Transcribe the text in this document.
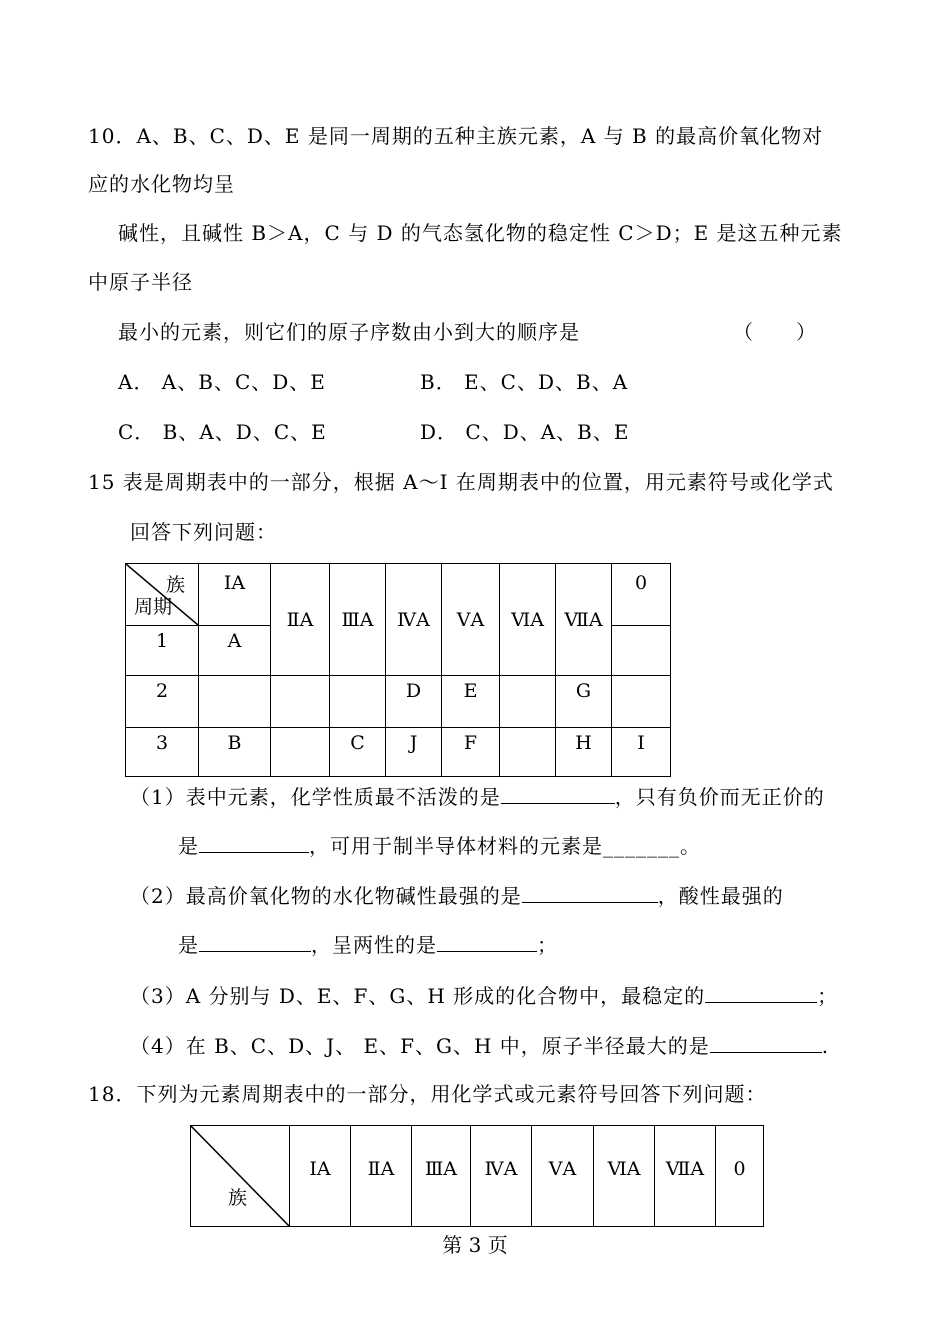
10．A、B、C、D、E 是同一周期的五种主族元素，A 与 B 的最高价氧化物对
应的水化物均呈
碱性，且碱性 B＞A，C 与 D 的气态氢化物的稳定性 C＞D；E 是这五种元素
中原子半径
最小的元素，则它们的原子序数由小到大的顺序是	（　　）
A． A、B、C、D、E	B． E、C、D、B、A
C． B、A、D、C、E	D． C、D、A、B、E
15 表是周期表中的一部分，根据 A～I 在周期表中的位置，用元素符号或化学式
回答下列问题：
族
周期	ⅠA	ⅡA	ⅢA	ⅣA	ⅤA	ⅥA	ⅦA	0
1	A							
2				D	E		G	
3	B		C	J	F		H	I
（1）表中元素，化学性质最不活泼的是	，只有负价而无正价的
是	，可用于制半导体材料的元素是_______。
（2）最高价氧化物的水化物碱性最强的是	，酸性最强的
是	，呈两性的是	；
（3）A 分别与 D、E、F、G、H 形成的化合物中，最稳定的	；
（4）在 B、C、D、J、 E、F、G、H 中，原子半径最大的是	.
18．下列为元素周期表中的一部分，用化学式或元素符号回答下列问题：
族
	ⅠA	ⅡA	ⅢA	ⅣA	ⅤA	ⅥA	ⅦA	0
第 3 页
